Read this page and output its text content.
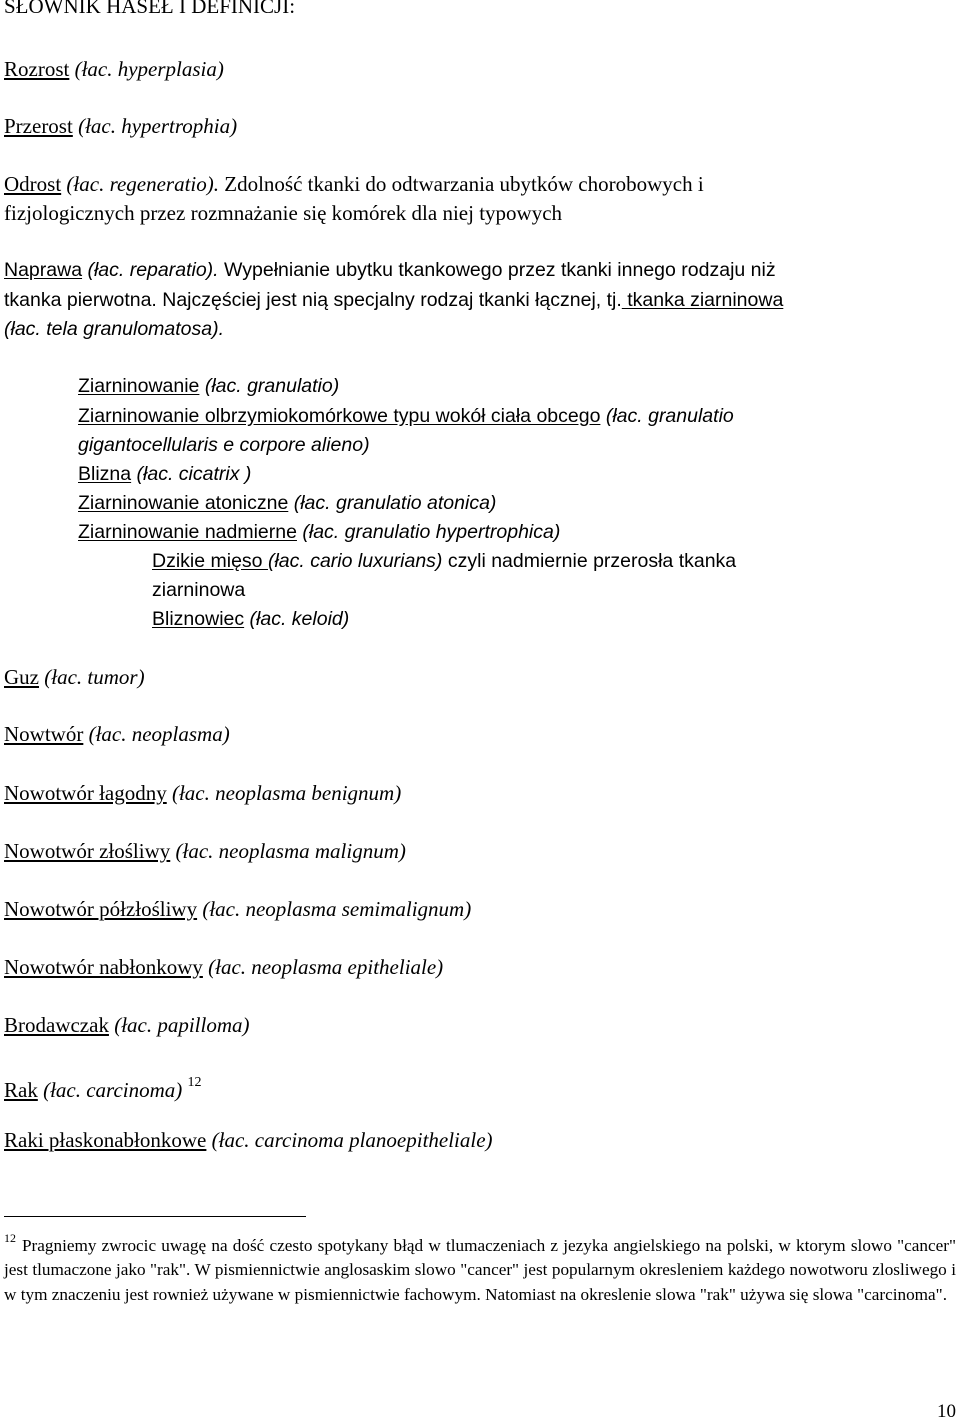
SŁOWNIK HASEŁ I DEFINICJI:
Rozrost (łac. hyperplasia)
Przerost (łac. hypertrophia)
Odrost (łac. regeneratio). Zdolność tkanki do odtwarzania ubytków chorobowych i
fizjologicznych przez rozmnażanie się komórek dla niej typowych
Naprawa (łac. reparatio). Wypełnianie ubytku tkankowego przez tkanki innego rodzaju niż
tkanka pierwotna. Najczęściej jest nią specjalny rodzaj tkanki łącznej, tj. tkanka ziarninowa
(łac. tela granulomatosa).
Ziarninowanie (łac. granulatio)
Ziarninowanie olbrzymiokomórkowe typu wokół ciała obcego (łac. granulatio
gigantocellularis e corpore alieno)
Blizna (łac. cicatrix )
Ziarninowanie atoniczne (łac. granulatio atonica)
Ziarninowanie nadmierne (łac. granulatio hypertrophica)
Dzikie mięso (łac. cario luxurians) czyli nadmiernie przerosła tkanka
ziarninowa
Bliznowiec (łac. keloid)
Guz (łac. tumor)
Nowtwór (łac. neoplasma)
Nowotwór łagodny (łac. neoplasma benignum)
Nowotwór złośliwy (łac. neoplasma malignum)
Nowotwór półzłośliwy (łac. neoplasma semimalignum)
Nowotwór nabłonkowy (łac. neoplasma epitheliale)
Brodawczak (łac. papilloma)
Rak (łac. carcinoma) $^{12}$
Raki płaskonabłonkowe (łac. carcinoma planoepitheliale)
$^{12}$ Pragniemy zwrocic uwagę na dość czesto spotykany błąd w tlumaczeniach z jezyka angielskiego na polski, w ktorym slowo "cancer" jest tlumaczone jako "rak". W pismiennictwie anglosaskim slowo "cancer" jest popularnym okresleniem każdego nowotworu zlosliwego i w tym znaczeniu jest rownież używane w pismiennictwie fachowym. Natomiast na okreslenie slowa "rak" używa się slowa "carcinoma".
10
